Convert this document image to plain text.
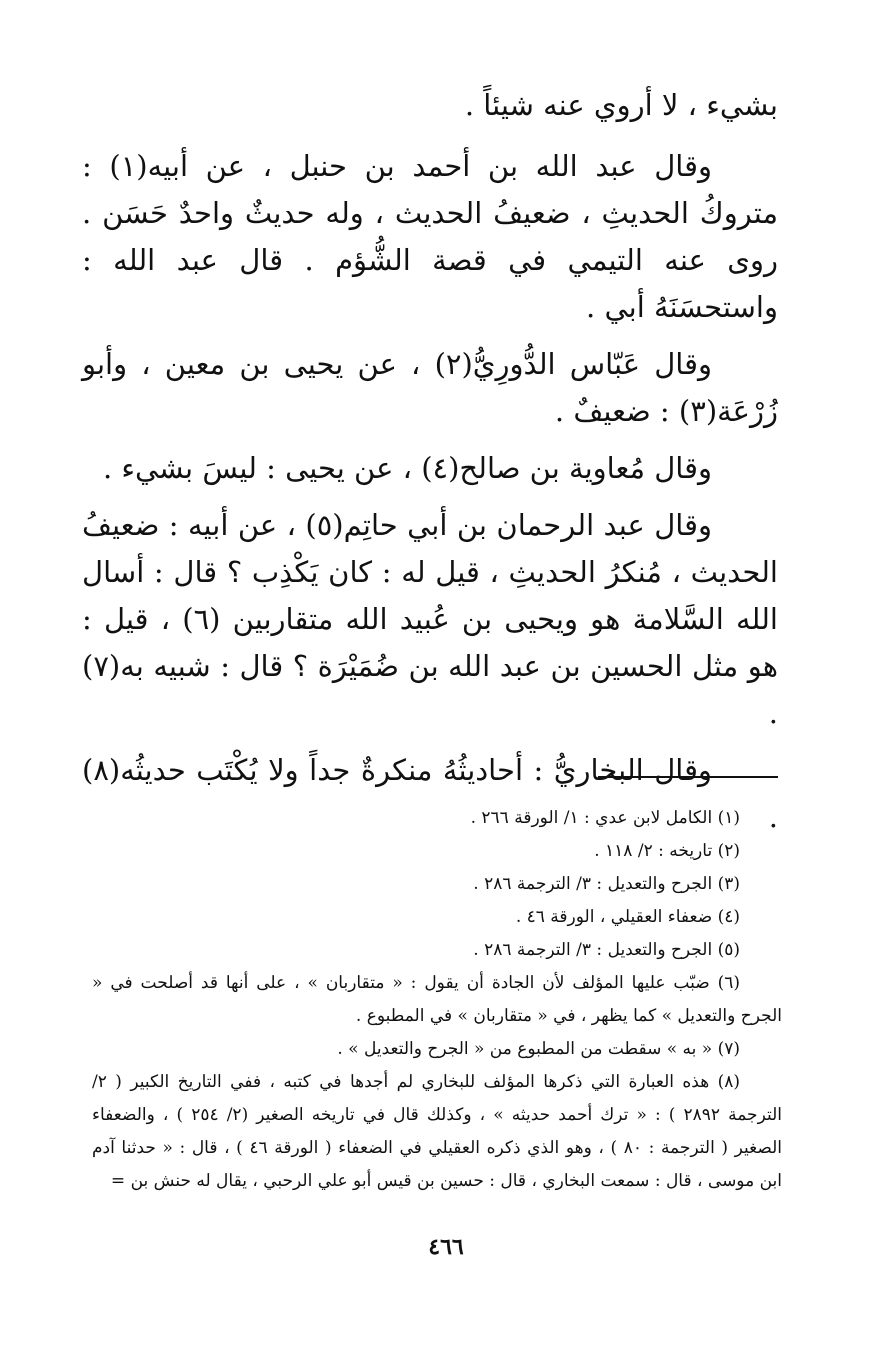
بشيء ، لا أروي عنه شيئاً .

وقال عبد الله بن أحمد بن حنبل ، عن أبيه(١) : متروكُ الحديثِ ، ضعيفُ الحديث ، وله حديثٌ واحدٌ حَسَن . روى عنه التيمي في قصة الشُّؤم . قال عبد الله : واستحسَنَهُ أبي .

وقال عَبّاس الدُّورِيُّ(٢) ، عن يحيى بن معين ، وأبو زُرْعَة(٣) : ضعيفٌ .

وقال مُعاوية بن صالح(٤) ، عن يحيى : ليسَ بشيء .

وقال عبد الرحمان بن أبي حاتِم(٥) ، عن أبيه : ضعيفُ الحديث ، مُنكرُ الحديثِ ، قيل له : كان يَكْذِب ؟ قال : أسال الله السَّلامة هو ويحيى بن عُبيد الله متقاربين (٦) ، قيل : هو مثل الحسين بن عبد الله بن ضُمَيْرَة ؟ قال : شبيه به(٧) .

وقال البخاريُّ : أحاديثُهُ منكرةٌ جداً ولا يُكْتَب حديثُه(٨) .

(١) الكامل لابن عدي : ١/ الورقة ٢٦٦ .

(٢) تاريخه : ٢/ ١١٨ .

(٣) الجرح والتعديل : ٣/ الترجمة ٢٨٦ .

(٤) ضعفاء العقيلي ، الورقة ٤٦ .

(٥) الجرح والتعديل : ٣/ الترجمة ٢٨٦ .

(٦) ضبّب عليها المؤلف لأن الجادة أن يقول : « متقاربان » ، على أنها قد أصلحت في « الجرح والتعديل » كما يظهر ، في « متقاربان » في المطبوع .

(٧) « به » سقطت من المطبوع من « الجرح والتعديل » .

(٨) هذه العبارة التي ذكرها المؤلف للبخاري لم أجدها في كتبه ، ففي التاريخ الكبير ( ٢/ الترجمة ٢٨٩٢ ) : « ترك أحمد حديثه » ، وكذلك قال في تاريخه الصغير (٢/ ٢٥٤ ) ، والضعفاء الصغير ( الترجمة : ٨٠ ) ، وهو الذي ذكره العقيلي في الضعفاء ( الورقة ٤٦ ) ، قال : « حدثنا آدم ابن موسى ، قال : سمعت البخاري ، قال : حسين بن قيس أبو علي الرحبي ، يقال له حنش بن =

٤٦٦
